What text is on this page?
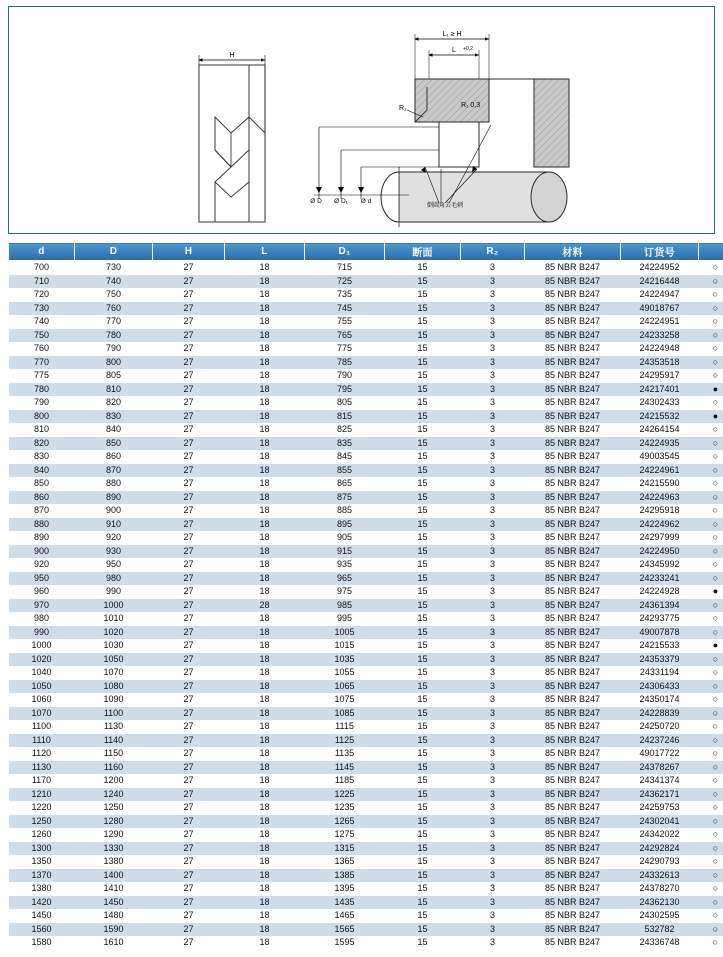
H
L₁ ≥ H
L +0,2
R₁	R₁ 0,3
Ø D Ø D₁ Ø d
倒圆角去毛刺
d	D	H	L	D₁	断面	R₂	材料	订货号	
700	730	27	18	715	15	3	85 NBR B247	24224952	○
710	740	27	18	725	15	3	85 NBR B247	24216448	○
720	750	27	18	735	15	3	85 NBR B247	24224947	○
730	760	27	18	745	15	3	85 NBR B247	49018767	○
740	770	27	18	755	15	3	85 NBR B247	24224951	○
750	780	27	18	765	15	3	85 NBR B247	24233258	○
760	790	27	18	775	15	3	85 NBR B247	24224948	○
770	800	27	18	785	15	3	85 NBR B247	24353518	○
775	805	27	18	790	15	3	85 NBR B247	24295917	○
780	810	27	18	795	15	3	85 NBR B247	24217401	●
790	820	27	18	805	15	3	85 NBR B247	24302433	○
800	830	27	18	815	15	3	85 NBR B247	24215532	●
810	840	27	18	825	15	3	85 NBR B247	24264154	○
820	850	27	18	835	15	3	85 NBR B247	24224935	○
830	860	27	18	845	15	3	85 NBR B247	49003545	○
840	870	27	18	855	15	3	85 NBR B247	24224961	○
850	880	27	18	865	15	3	85 NBR B247	24215590	○
860	890	27	18	875	15	3	85 NBR B247	24224963	○
870	900	27	18	885	15	3	85 NBR B247	24295918	○
880	910	27	18	895	15	3	85 NBR B247	24224962	○
890	920	27	18	905	15	3	85 NBR B247	24297999	○
900	930	27	18	915	15	3	85 NBR B247	24224950	○
920	950	27	18	935	15	3	85 NBR B247	24345992	○
950	980	27	18	965	15	3	85 NBR B247	24233241	○
960	990	27	18	975	15	3	85 NBR B247	24224928	●
970	1000	27	28	985	15	3	85 NBR B247	24361394	○
980	1010	27	18	995	15	3	85 NBR B247	24293775	○
990	1020	27	18	1005	15	3	85 NBR B247	49007878	○
1000	1030	27	18	1015	15	3	85 NBR B247	24215533	●
1020	1050	27	18	1035	15	3	85 NBR B247	24353379	○
1040	1070	27	18	1055	15	3	85 NBR B247	24331194	○
1050	1080	27	18	1065	15	3	85 NBR B247	24306433	○
1060	1090	27	18	1075	15	3	85 NBR B247	24350174	○
1070	1100	27	18	1085	15	3	85 NBR B247	24228839	○
1100	1130	27	18	1115	15	3	85 NBR B247	24250720	○
1110	1140	27	18	1125	15	3	85 NBR B247	24237246	○
1120	1150	27	18	1135	15	3	85 NBR B247	49017722	○
1130	1160	27	18	1145	15	3	85 NBR B247	24378267	○
1170	1200	27	18	1185	15	3	85 NBR B247	24341374	○
1210	1240	27	18	1225	15	3	85 NBR B247	24362171	○
1220	1250	27	18	1235	15	3	85 NBR B247	24259753	○
1250	1280	27	18	1265	15	3	85 NBR B247	24302041	○
1260	1290	27	18	1275	15	3	85 NBR B247	24342022	○
1300	1330	27	18	1315	15	3	85 NBR B247	24292824	○
1350	1380	27	18	1365	15	3	85 NBR B247	24290793	○
1370	1400	27	18	1385	15	3	85 NBR B247	24332613	○
1380	1410	27	18	1395	15	3	85 NBR B247	24378270	○
1420	1450	27	18	1435	15	3	85 NBR B247	24362130	○
1450	1480	27	18	1465	15	3	85 NBR B247	24302595	○
1560	1590	27	18	1565	15	3	85 NBR B247	532782	○
1580	1610	27	18	1595	15	3	85 NBR B247	24336748	○
